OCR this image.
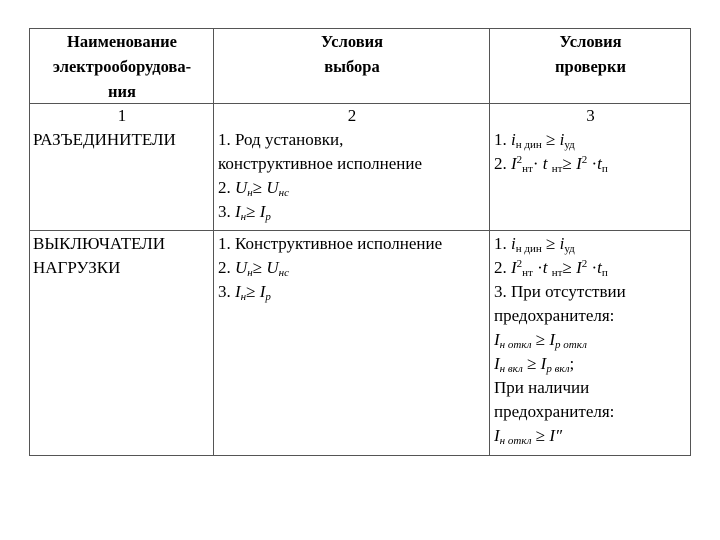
Наименование
электрооборудова-
ния
Условия
выбора
Условия
проверки
1	2	3
РАЗЪЕДИНИТЕЛИ 1. Род установки,
конструктивное исполнение
2. $U_н\ge U_{нс}$
3. $I_н\ge I_р$
1. $i_{н дин} \ge i_{уд}$
2. $I^2_{нт}\cdot t$ $_{нт}\ge I^2 \cdot t_п$
ВЫКЛЮЧАТЕЛИ
НАГРУЗКИ
1. Конструктивное исполнение
2. $U_н\ge U_{нс}$
3. $I_н\ge I_р$
1. $i_{н дин} \ge i_{уд}$
2. $I^2_{нт} \cdot t$ $_{нт}\ge I^2 \cdot t_п$
3. При отсутствии
предохранителя:
$I_{н откл} \ge I_{р откл}$
$I_{н вкл} \ge I_{р вкл}$;
При наличии
предохранителя:
$I_{н откл} \ge I''$
